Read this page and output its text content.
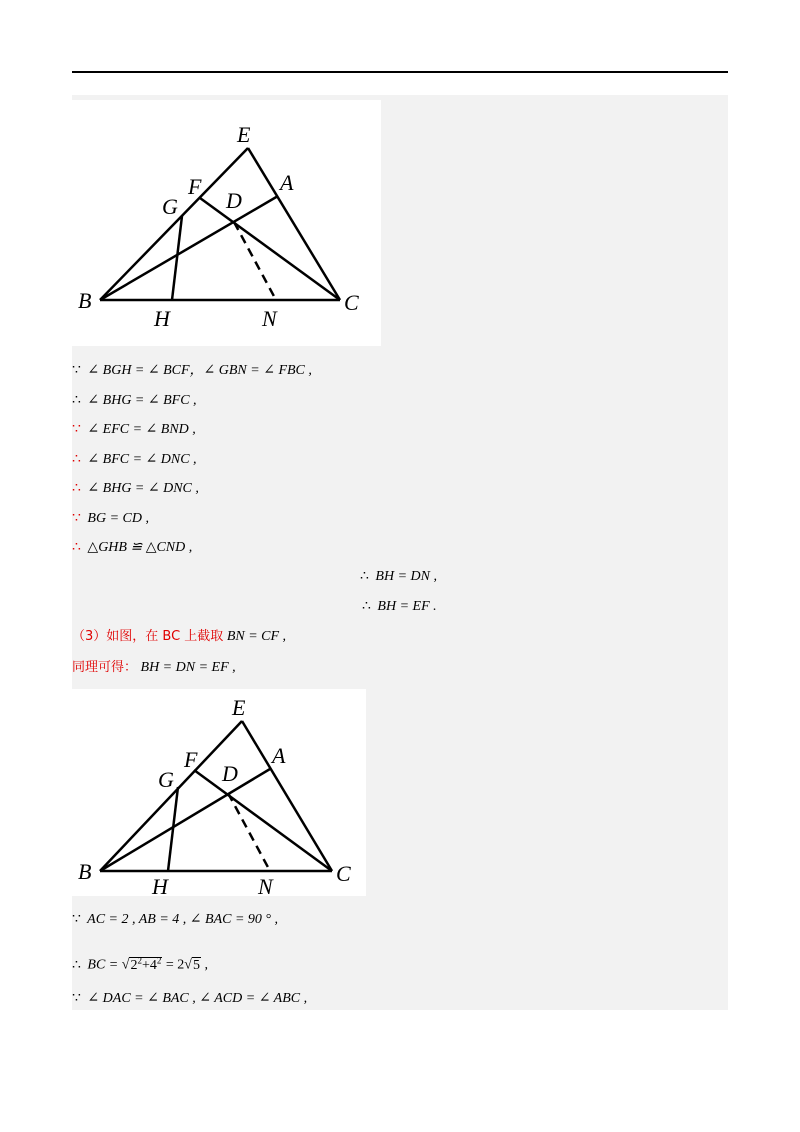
E
F	A
G D
B
H	N
C
∵ ∠ BGH = ∠ BCF，∠ GBN = ∠ FBC ,
∴ ∠ BHG = ∠ BFC ,
∵ ∠ EFC = ∠ BND ,
∴ ∠ BFC = ∠ DNC ,
∴ ∠ BHG = ∠ DNC ,
∵ BG = CD ,
∴ △GHB ≌ △CND ,
∴ BH = DN ,
∴ BH = EF .
（3）如图，在 BC 上截取 BN = CF ,
同理可得： BH = DN = EF ,
E
F	A
G D
B
H	N
C
∵ AC = 2 , AB = 4 , ∠ BAC = 90 ° ,
∴ BC = $√2^2+4^2 = 2√5$ ,
∵ ∠ DAC = ∠ BAC , ∠ ACD = ∠ ABC ,
